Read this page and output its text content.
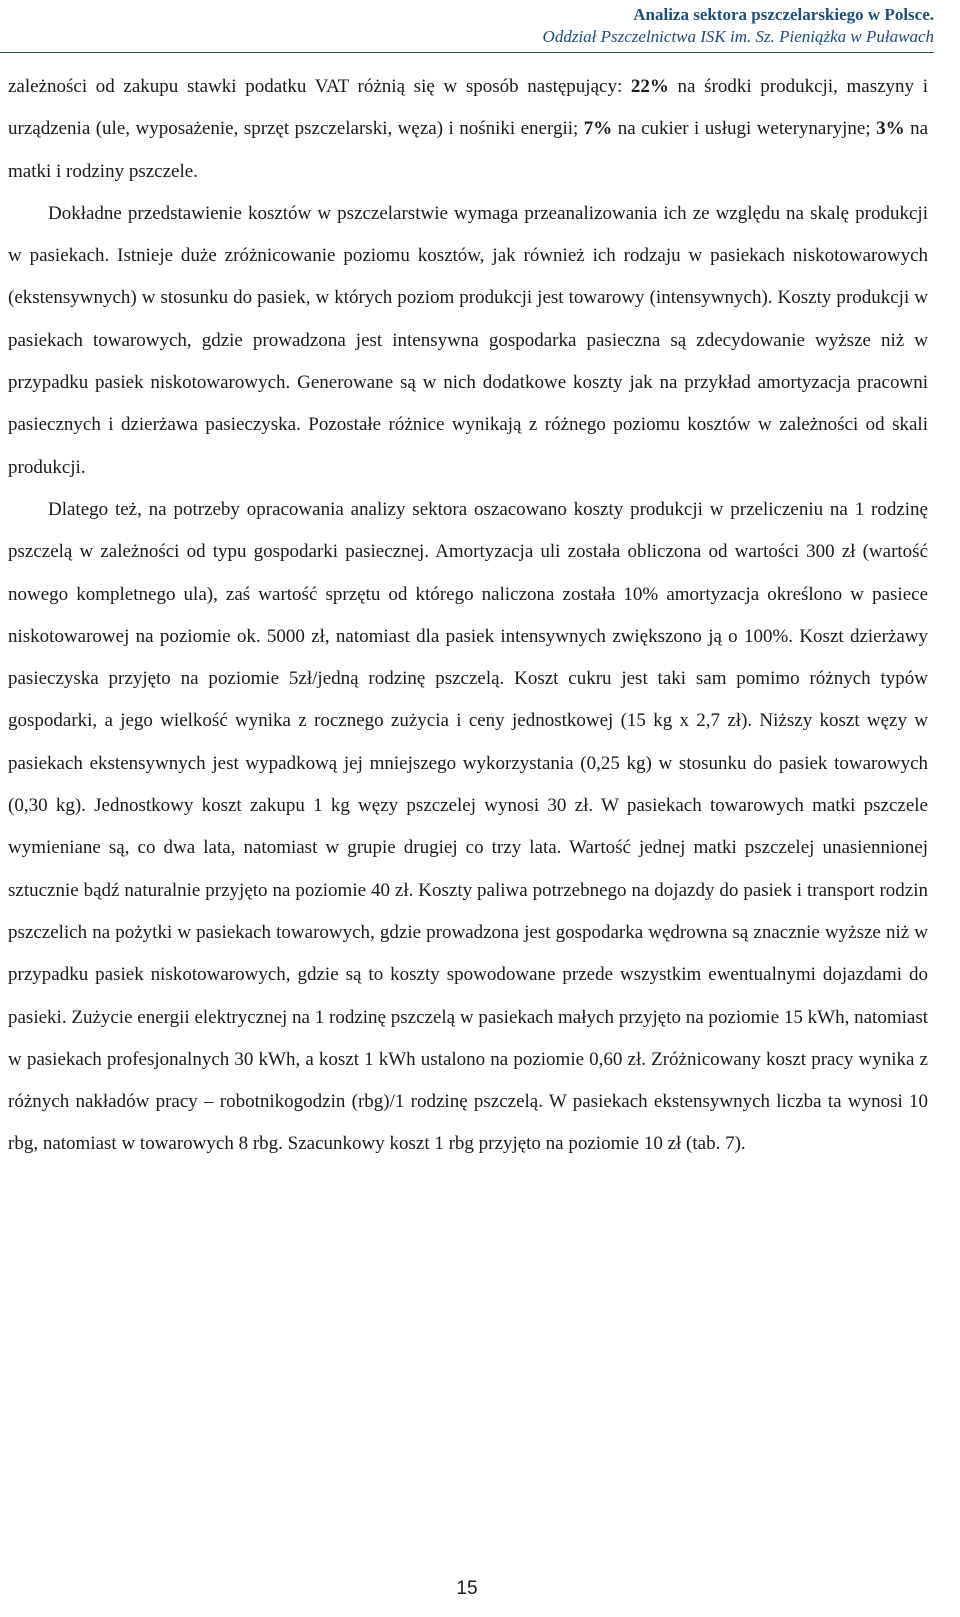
Analiza sektora pszczelarskiego w Polsce.
Oddział Pszczelnictwa ISK im. Sz. Pieniążka w Puławach

zależności od zakupu stawki podatku VAT różnią się w sposób następujący: 22% na środki produkcji, maszyny i urządzenia (ule, wyposażenie, sprzęt pszczelarski, węza) i nośniki energii; 7% na cukier i usługi weterynaryjne; 3% na matki i rodziny pszczele.

Dokładne przedstawienie kosztów w pszczelarstwie wymaga przeanalizowania ich ze względu na skalę produkcji w pasiekach. Istnieje duże zróżnicowanie poziomu kosztów, jak również ich rodzaju w pasiekach niskotowarowych (ekstensywnych) w stosunku do pasiek, w których poziom produkcji jest towarowy (intensywnych). Koszty produkcji w pasiekach towarowych, gdzie prowadzona jest intensywna gospodarka pasieczna są zdecydowanie wyższe niż w przypadku pasiek niskotowarowych. Generowane są w nich dodatkowe koszty jak na przykład amortyzacja pracowni pasiecznych i dzierżawa pasieczyska. Pozostałe różnice wynikają z różnego poziomu kosztów w zależności od skali produkcji.

Dlatego też, na potrzeby opracowania analizy sektora oszacowano koszty produkcji w przeliczeniu na 1 rodzinę pszczelą w zależności od typu gospodarki pasiecznej. Amortyzacja uli została obliczona od wartości 300 zł (wartość nowego kompletnego ula), zaś wartość sprzętu od którego naliczona została 10% amortyzacja określono w pasiece niskotowarowej na poziomie ok. 5000 zł, natomiast dla pasiek intensywnych zwiększono ją o 100%. Koszt dzierżawy pasieczyska przyjęto na poziomie 5zł/jedną rodzinę pszczelą. Koszt cukru jest taki sam pomimo różnych typów gospodarki, a jego wielkość wynika z rocznego zużycia i ceny jednostkowej (15 kg x 2,7 zł). Niższy koszt węzy w pasiekach ekstensywnych jest wypadkową jej mniejszego wykorzystania (0,25 kg) w stosunku do pasiek towarowych (0,30 kg). Jednostkowy koszt zakupu 1 kg węzy pszczelej wynosi 30 zł. W pasiekach towarowych matki pszczele wymieniane są, co dwa lata, natomiast w grupie drugiej co trzy lata. Wartość jednej matki pszczelej unasiennionej sztucznie bądź naturalnie przyjęto na poziomie 40 zł. Koszty paliwa potrzebnego na dojazdy do pasiek i transport rodzin pszczelich na pożytki w pasiekach towarowych, gdzie prowadzona jest gospodarka wędrowna są znacznie wyższe niż w przypadku pasiek niskotowarowych, gdzie są to koszty spowodowane przede wszystkim ewentualnymi dojazdami do pasieki. Zużycie energii elektrycznej na 1 rodzinę pszczelą w pasiekach małych przyjęto na poziomie 15 kWh, natomiast w pasiekach profesjonalnych 30 kWh, a koszt 1 kWh ustalono na poziomie 0,60 zł. Zróżnicowany koszt pracy wynika z różnych nakładów pracy – robotnikogodzin (rbg)/1 rodzinę pszczelą. W pasiekach ekstensywnych liczba ta wynosi 10 rbg, natomiast w towarowych 8 rbg. Szacunkowy koszt 1 rbg przyjęto na poziomie 10 zł (tab. 7).

15
